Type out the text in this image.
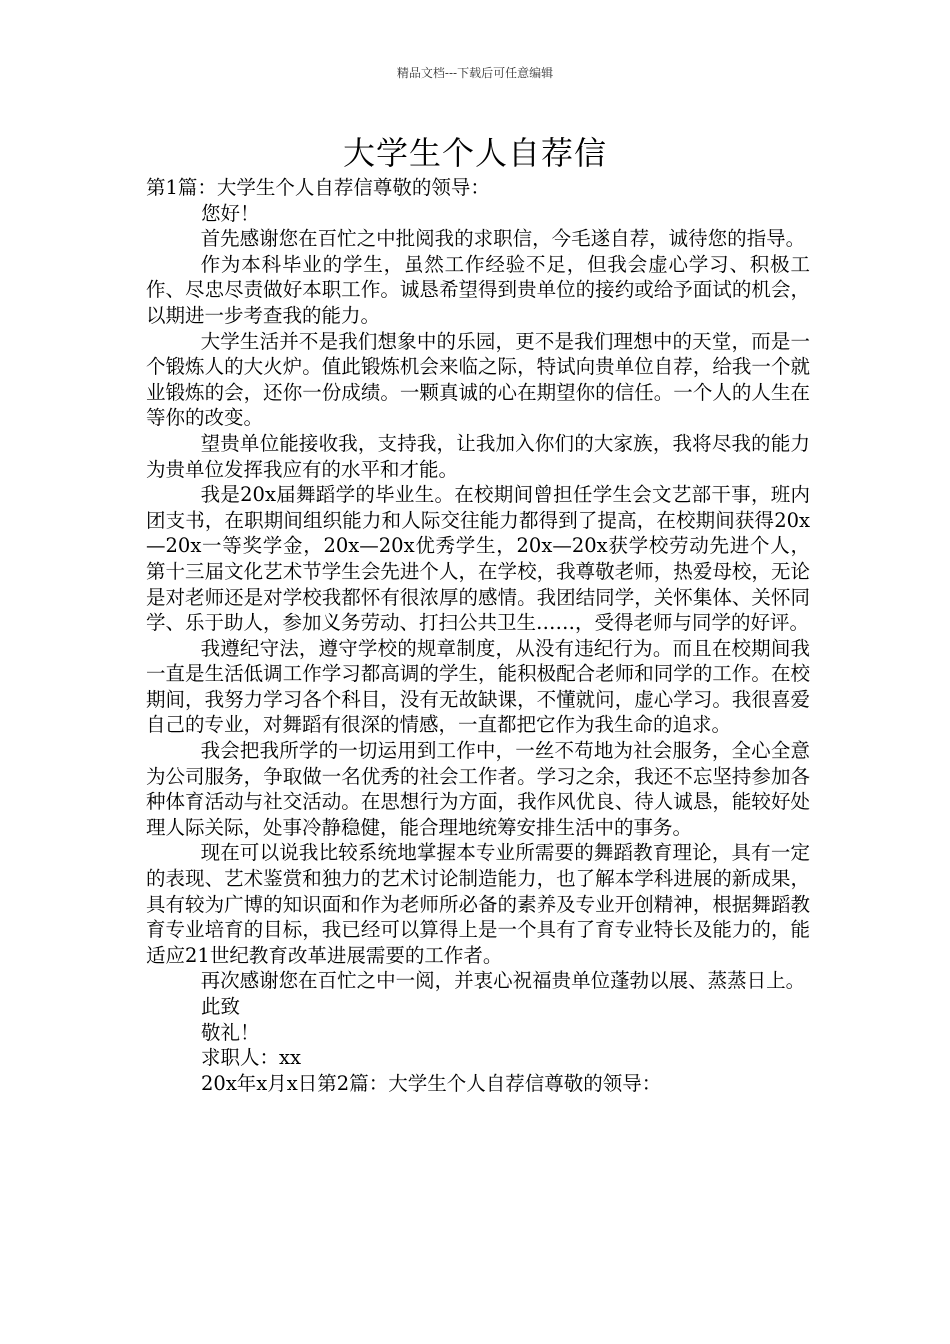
精品文档---下载后可任意编辑
大学生个人自荐信

第1篇：大学生个人自荐信尊敬的领导：

您好！

首先感谢您在百忙之中批阅我的求职信，今毛遂自荐，诚待您的指导。

作为本科毕业的学生，虽然工作经验不足，但我会虚心学习、积极工作、尽忠尽责做好本职工作。诚恳希望得到贵单位的接约或给予面试的机会，以期进一步考查我的能力。

大学生活并不是我们想象中的乐园，更不是我们理想中的天堂，而是一个锻炼人的大火炉。值此锻炼机会来临之际，特试向贵单位自荐，给我一个就业锻炼的会，还你一份成绩。一颗真诚的心在期望你的信任。一个人的人生在等你的改变。

望贵单位能接收我，支持我，让我加入你们的大家族，我将尽我的能力为贵单位发挥我应有的水平和才能。

我是20x届舞蹈学的毕业生。在校期间曾担任学生会文艺部干事，班内团支书，在职期间组织能力和人际交往能力都得到了提高，在校期间获得20x—20x一等奖学金，20x—20x优秀学生，20x—20x获学校劳动先进个人，第十三届文化艺术节学生会先进个人，在学校，我尊敬老师，热爱母校，无论是对老师还是对学校我都怀有很浓厚的感情。我团结同学，关怀集体、关怀同学、乐于助人，参加义务劳动、打扫公共卫生……，受得老师与同学的好评。

我遵纪守法，遵守学校的规章制度，从没有违纪行为。而且在校期间我一直是生活低调工作学习都高调的学生，能积极配合老师和同学的工作。在校期间，我努力学习各个科目，没有无故缺课，不懂就问，虚心学习。我很喜爱自己的专业，对舞蹈有很深的情感，一直都把它作为我生命的追求。

我会把我所学的一切运用到工作中，一丝不苟地为社会服务，全心全意为公司服务，争取做一名优秀的社会工作者。学习之余，我还不忘坚持参加各种体育活动与社交活动。在思想行为方面，我作风优良、待人诚恳，能较好处理人际关际，处事冷静稳健，能合理地统筹安排生活中的事务。

现在可以说我比较系统地掌握本专业所需要的舞蹈教育理论，具有一定的表现、艺术鉴赏和独力的艺术讨论制造能力，也了解本学科进展的新成果，具有较为广博的知识面和作为老师所必备的素养及专业开创精神，根据舞蹈教育专业培育的目标，我已经可以算得上是一个具有了育专业特长及能力的，能适应21世纪教育改革进展需要的工作者。

再次感谢您在百忙之中一阅，并衷心祝福贵单位蓬勃以展、蒸蒸日上。

此致

敬礼！

求职人：xx

20x年x月x日第2篇：大学生个人自荐信尊敬的领导：
